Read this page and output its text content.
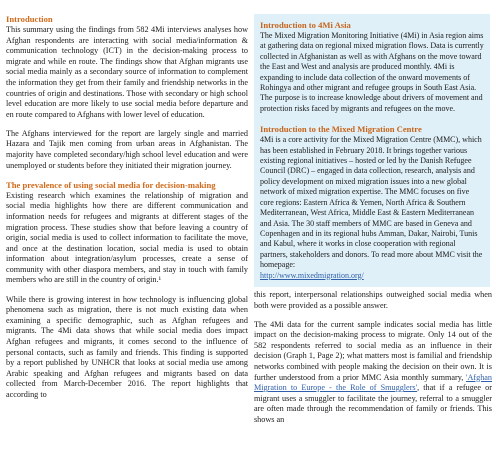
Introduction

This summary using the findings from 582 4Mi interviews analyses how Afghan respondents are interacting with social media/information & communication technology (ICT) in the decision-making process to migrate and while en route. The findings show that Afghan migrants use social media mainly as a secondary source of information to complement the information they get from their family and friendship networks in the countries of origin and destinations. Those with secondary or high school level education are more likely to use social media before departure and en route compared to Afghans with lower level of education.

The Afghans interviewed for the report are largely single and married Hazara and Tajik men coming from urban areas in Afghanistan. The majority have completed secondary/high school level education and were unemployed or students before they initiated their migration journey.

The prevalence of using social media for decision-making

Existing research which examines the relationship of migration and social media highlights how there are different communication and information needs for refugees and migrants at different stages of the migration process. These studies show that before leaving a country of origin, social media is used to collect information to facilitate the move, and once at the destination location, social media is used to obtain information about integration/asylum processes, create a sense of community with other diaspora members, and stay in touch with family members who are still in the country of origin.¹

While there is growing interest in how technology is influencing global phenomena such as migration, there is not much existing data when examining a specific demographic, such as Afghan refugees and migrants. The 4Mi data shows that while social media does impact Afghan refugees and migrants, it comes second to the influence of personal contacts, such as family and friends. This finding is supported by a report published by UNHCR that looks at social media use among Arabic speaking and Afghan refugees and migrants based on data collected from March-December 2016. The report highlights that according to

Introduction to 4Mi Asia

The Mixed Migration Monitoring Initiative (4Mi) in Asia region aims at gathering data on regional mixed migration flows. Data is currently collected in Afghanistan as well as with Afghans on the move toward the East and West and analysis are produced monthly. 4Mi is expanding to include data collection of the onward movements of Rohingya and other migrant and refugee groups in South East Asia. The purpose is to increase knowledge about drivers of movement and protection risks faced by migrants and refugees on the move.

Introduction to the Mixed Migration Centre

4Mi is a core activity for the Mixed Migration Centre (MMC), which has been established in February 2018. It brings together various existing regional initiatives – hosted or led by the Danish Refugee Council (DRC) – engaged in data collection, research, analysis and policy development on mixed migration issues into a new global network of mixed migration expertise. The MMC focuses on five core regions: Eastern Africa & Yemen, North Africa & Southern Mediterranean, West Africa, Middle East & Eastern Mediterranean and Asia. The 30 staff members of MMC are based in Geneva and Copenhagen and in its regional hubs Amman, Dakar, Nairobi, Tunis and Kabul, where it works in close cooperation with regional partners, stakeholders and donors. To read more about MMC visit the homepage:

http://www.mixedmigration.org/

this report, interpersonal relationships outweighed social media when both were provided as a possible answer.

The 4Mi data for the current sample indicates social media has little impact on the decision-making process to migrate. Only 14 out of the 582 respondents referred to social media as an influence in their decision (Graph 1, Page 2); what matters most is familial and friendship networks combined with people making the decision on their own. It is further understood from a prior MMC Asia monthly summary, 'Afghan Migration to Europe - the Role of Smugglers', that if a refugee or migrant uses a smuggler to facilitate the journey, referral to a smuggler are often made through the recommendation of family or friends. This shows an
